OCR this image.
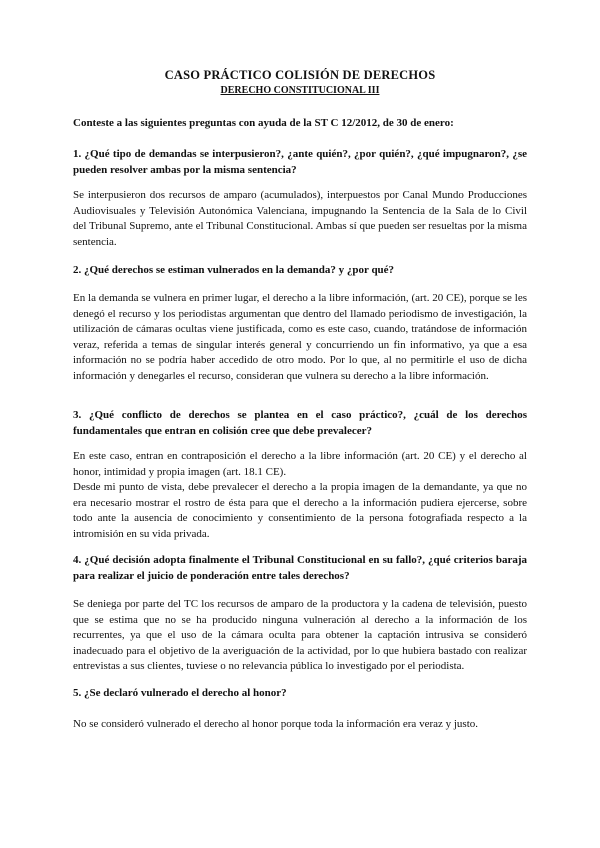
CASO PRÁCTICO COLISIÓN DE DERECHOS
DERECHO CONSTITUCIONAL III
Conteste a las siguientes preguntas con ayuda de la ST C 12/2012, de 30 de enero:
1. ¿Qué tipo de demandas se interpusieron?, ¿ante quién?, ¿por quién?, ¿qué impugnaron?, ¿se pueden resolver ambas por la misma sentencia?

Se interpusieron dos recursos de amparo (acumulados), interpuestos por Canal Mundo Producciones Audiovisuales y Televisión Autonómica Valenciana, impugnando la Sentencia de la Sala de lo Civil del Tribunal Supremo, ante el Tribunal Constitucional. Ambas sí que pueden ser resueltas por la misma sentencia.

2. ¿Qué derechos se estiman vulnerados en la demanda? y ¿por qué?

En la demanda se vulnera en primer lugar, el derecho a la libre información, (art. 20 CE), porque se les denegó el recurso y los periodistas argumentan que dentro del llamado periodismo de investigación, la utilización de cámaras ocultas viene justificada, como es este caso, cuando, tratándose de información veraz, referida a temas de singular interés general y concurriendo un fin informativo, ya que a esa información no se podría haber accedido de otro modo. Por lo que, al no permitirle el uso de dicha información y denegarles el recurso, consideran que vulnera su derecho a la libre información.

3. ¿Qué conflicto de derechos se plantea en el caso práctico?, ¿cuál de los derechos fundamentales que entran en colisión cree que debe prevalecer?

En este caso, entran en contraposición el derecho a la libre información (art. 20 CE) y el derecho al honor, intimidad y propia imagen (art. 18.1 CE).

Desde mi punto de vista, debe prevalecer el derecho a la propia imagen de la demandante, ya que no era necesario mostrar el rostro de ésta para que el derecho a la información pudiera ejercerse, sobre todo ante la ausencia de conocimiento y consentimiento de la persona fotografiada respecto a la intromisión en su vida privada.

4. ¿Qué decisión adopta finalmente el Tribunal Constitucional en su fallo?, ¿qué criterios baraja para realizar el juicio de ponderación entre tales derechos?

Se deniega por parte del TC los recursos de amparo de la productora y la cadena de televisión, puesto que se estima que no se ha producido ninguna vulneración al derecho a la información de los recurrentes, ya que el uso de la cámara oculta para obtener la captación intrusiva se consideró inadecuado para el objetivo de la averiguación de la actividad, por lo que hubiera bastado con realizar entrevistas a sus clientes, tuviese o no relevancia pública lo investigado por el periodista.

5. ¿Se declaró vulnerado el derecho al honor?

No se consideró vulnerado el derecho al honor porque toda la información era veraz y justo.
